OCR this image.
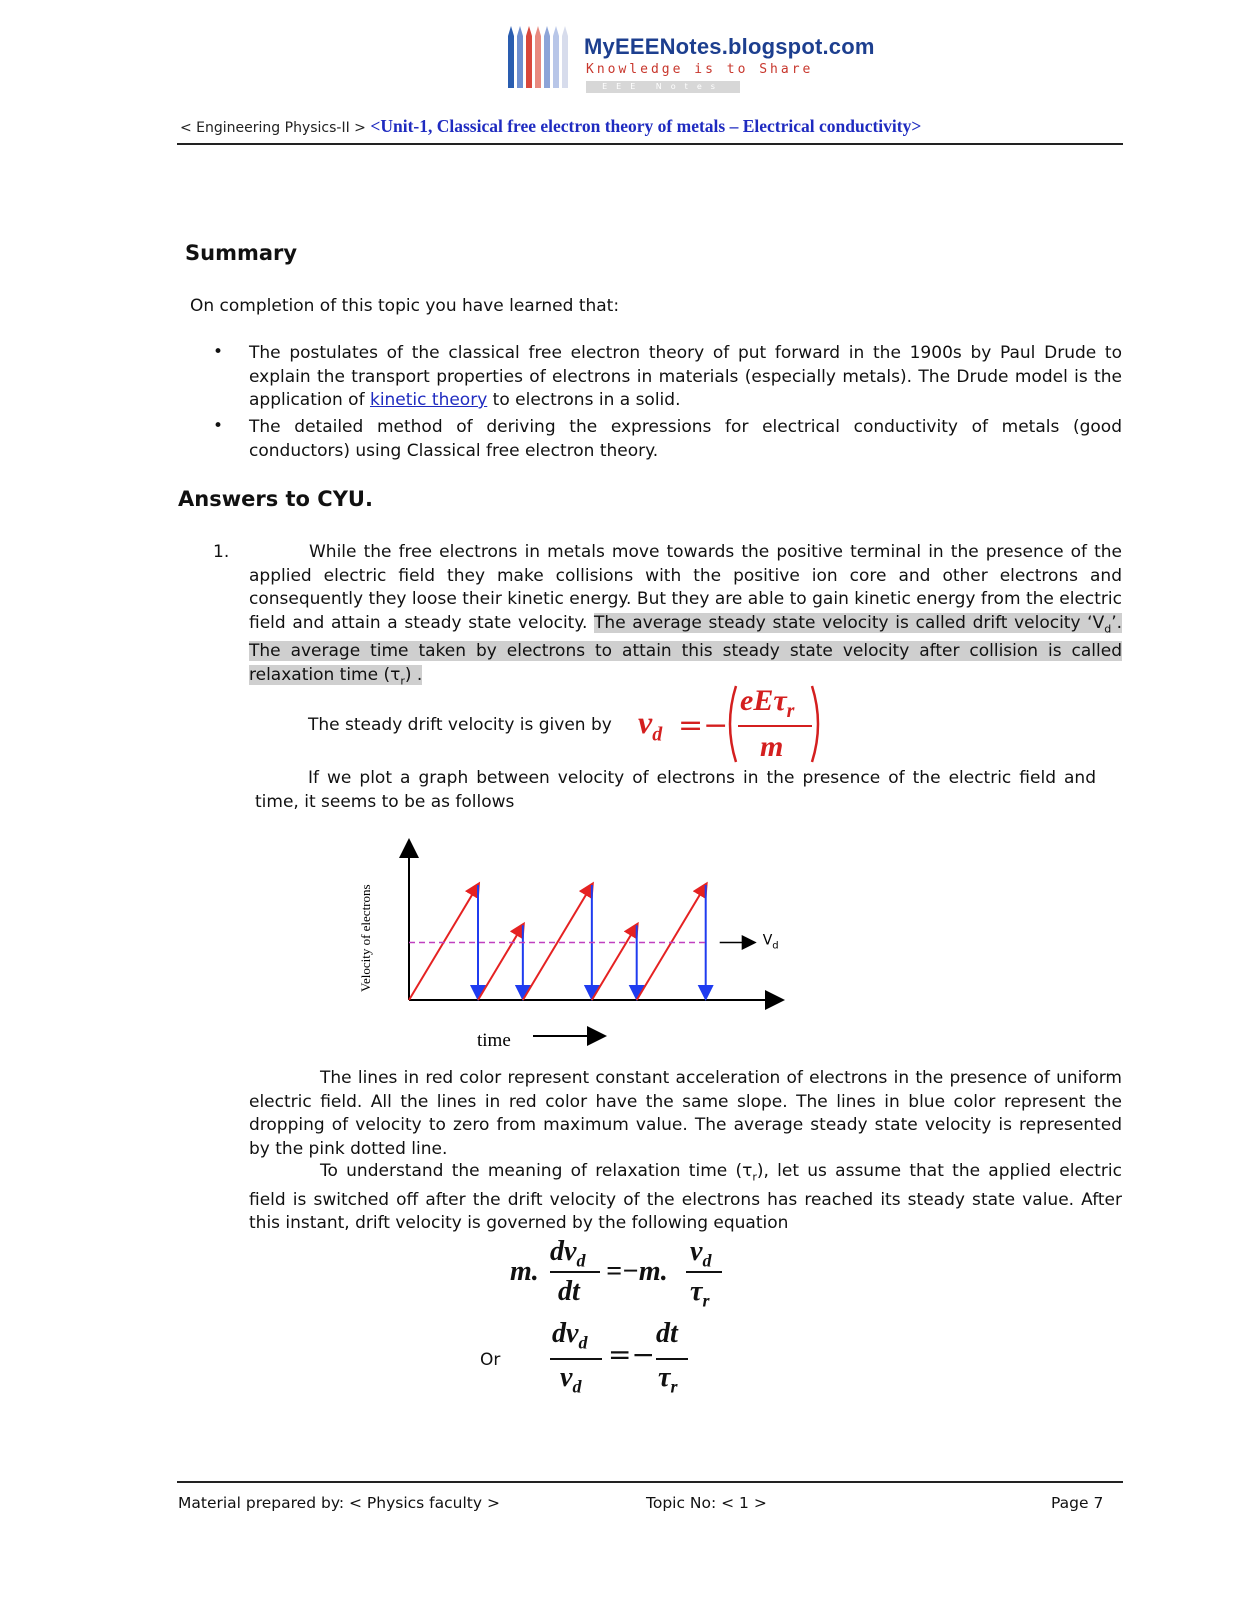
MyEEENotes.blogspot.com
Knowledge is to Share
EEE Notes
< Engineering Physics-II > <Unit-1, Classical free electron theory of metals – Electrical conductivity>
Summary
On completion of this topic you have learned that:
• The postulates of the classical free electron theory of put forward in the 1900s by Paul Drude to explain the transport properties of electrons in materials (especially metals). The Drude model is the application of kinetic theory to electrons in a solid.
• The detailed method of deriving the expressions for electrical conductivity of metals (good conductors) using Classical free electron theory.
Answers to CYU.
1.	While the free electrons in metals move towards the positive terminal in the presence of the applied electric field they make collisions with the positive ion core and other electrons and consequently they loose their kinetic energy. But they are able to gain kinetic energy from the electric field and attain a steady state velocity. The average steady state velocity is called drift velocity ‘$V_d$’. The average time taken by electrons to attain this steady state velocity after collision is called relaxation time $(\tau_r)$ .
The steady drift velocity is given by $v_d$ =−
eEτ$_r$
m
If we plot a graph between velocity of electrons in the presence of the electric field and time, it seems to be as follows
Velocity of electrons	$V_d$
time
The lines in red color represent constant acceleration of electrons in the presence of uniform electric field. All the lines in red color have the same slope. The lines in blue color represent the dropping of velocity to zero from maximum value. The average steady state velocity is represented by the pink dotted line.
To understand the meaning of relaxation time $(\tau_r)$, let us assume that the applied electric field is switched off after the drift velocity of the electrons has reached its steady state value. After this instant, drift velocity is governed by the following equation
m.
$dv_d$
dt
=−m.
$v_d$
$\tau_r$
Or
$dv_d$
$v_d$
=−
dt
$\tau_r$
Material prepared by: < Physics faculty >	Topic No: < 1 >	Page 7
